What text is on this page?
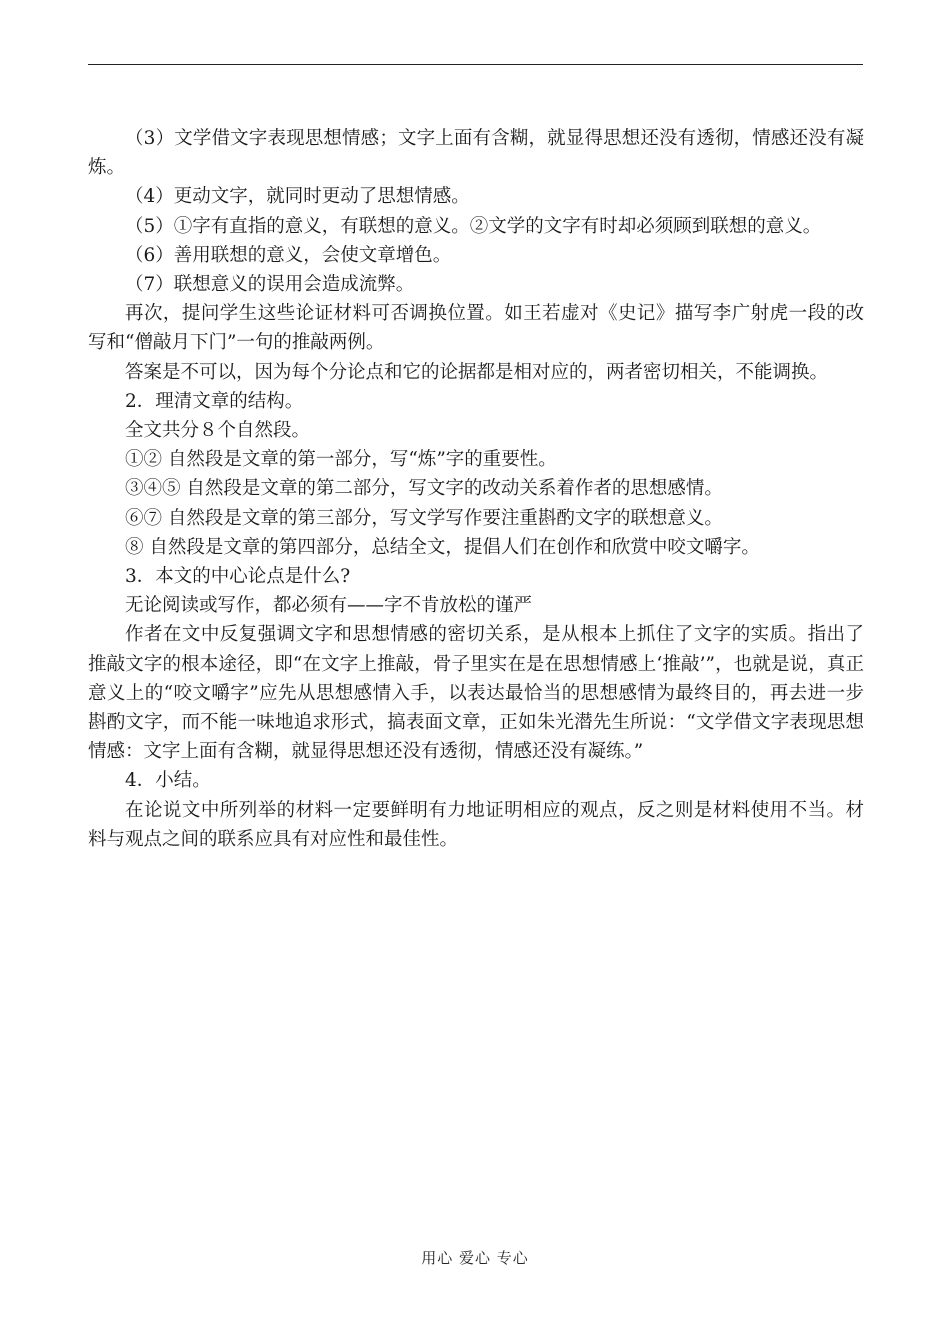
（3）文学借文字表现思想情感；文字上面有含糊，就显得思想还没有透彻，情感还没有凝炼。

（4）更动文字，就同时更动了思想情感。

（5）①字有直指的意义，有联想的意义。②文学的文字有时却必须顾到联想的意义。

（6）善用联想的意义，会使文章增色。

（7）联想意义的误用会造成流弊。

再次，提问学生这些论证材料可否调换位置。如王若虚对《史记》描写李广射虎一段的改写和“僧敲月下门”一句的推敲两例。

答案是不可以，因为每个分论点和它的论据都是相对应的，两者密切相关，不能调换。

2．理清文章的结构。

全文共分８个自然段。

①② 自然段是文章的第一部分，写“炼”字的重要性。

③④⑤ 自然段是文章的第二部分，写文字的改动关系着作者的思想感情。

⑥⑦ 自然段是文章的第三部分，写文学写作要注重斟酌文字的联想意义。

⑧ 自然段是文章的第四部分，总结全文，提倡人们在创作和欣赏中咬文嚼字。

3．本文的中心论点是什么?

无论阅读或写作，都必须有——字不肯放松的谨严

作者在文中反复强调文字和思想情感的密切关系，是从根本上抓住了文字的实质。指出了推敲文字的根本途径，即“在文字上推敲，骨子里实在是在思想情感上‘推敲’”，也就是说，真正意义上的“咬文嚼字”应先从思想感情入手，以表达最恰当的思想感情为最终目的，再去进一步斟酌文字，而不能一味地追求形式，搞表面文章，正如朱光潜先生所说：“文学借文字表现思想情感：文字上面有含糊，就显得思想还没有透彻，情感还没有凝练。”

4．小结。

在论说文中所列举的材料一定要鲜明有力地证明相应的观点，反之则是材料使用不当。材料与观点之间的联系应具有对应性和最佳性。

用心 爱心 专心
